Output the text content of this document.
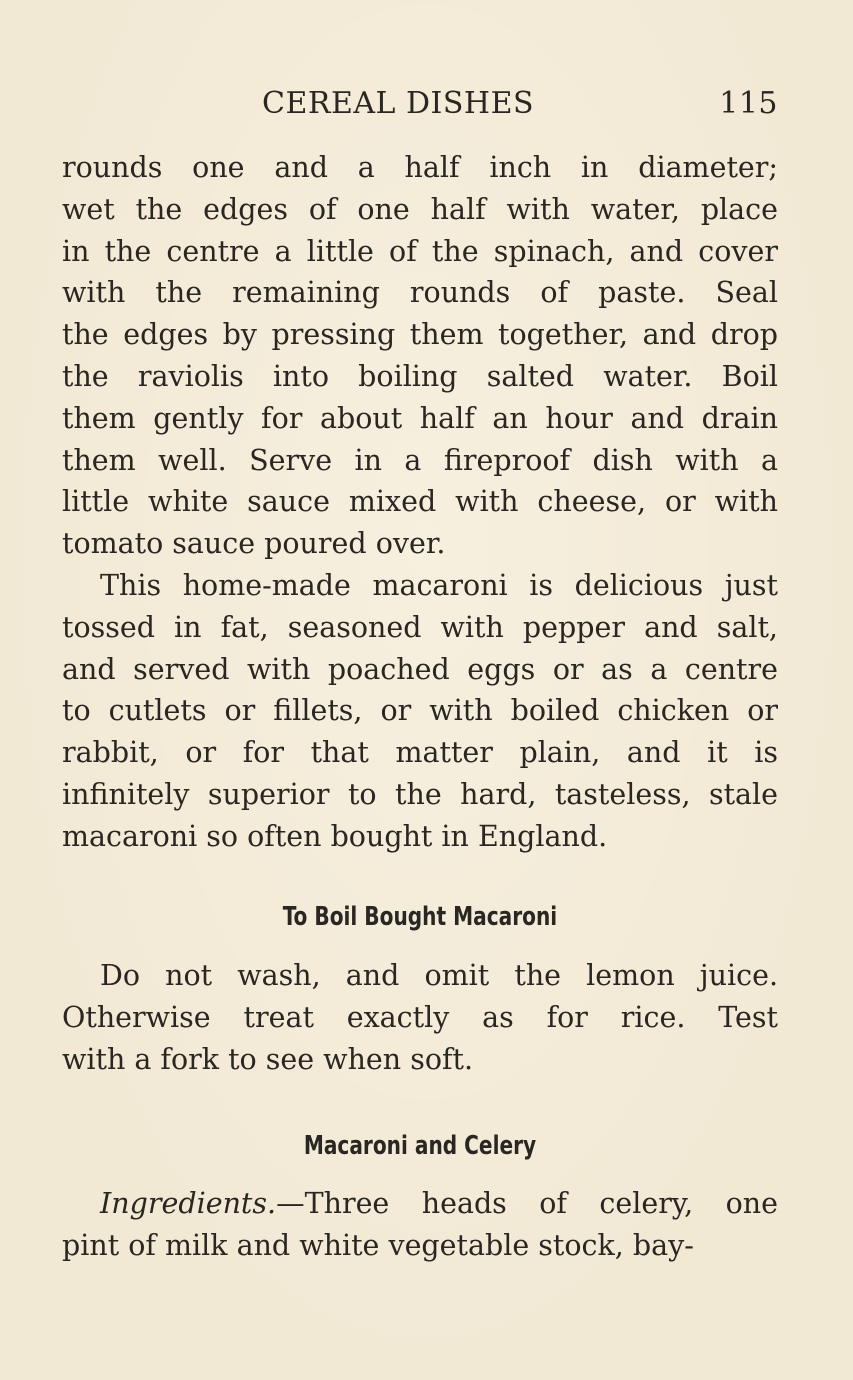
CEREAL DISHES	115
rounds one and a half inch in diameter;
wet the edges of one half with water, place
in the centre a little of the spinach, and cover
with the remaining rounds of paste. Seal
the edges by pressing them together, and drop
the raviolis into boiling salted water. Boil
them gently for about half an hour and drain
them well. Serve in a fireproof dish with a
little white sauce mixed with cheese, or with
tomato sauce poured over.
This home-made macaroni is delicious just
tossed in fat, seasoned with pepper and salt,
and served with poached eggs or as a centre
to cutlets or fillets, or with boiled chicken or
rabbit, or for that matter plain, and it is
infinitely superior to the hard, tasteless, stale
macaroni so often bought in England.
To Boil Bought Macaroni
Do not wash, and omit the lemon juice.
Otherwise treat exactly as for rice. Test
with a fork to see when soft.
Macaroni and Celery
Ingredients.—Three heads of celery, one
pint of milk and white vegetable stock, bay-
